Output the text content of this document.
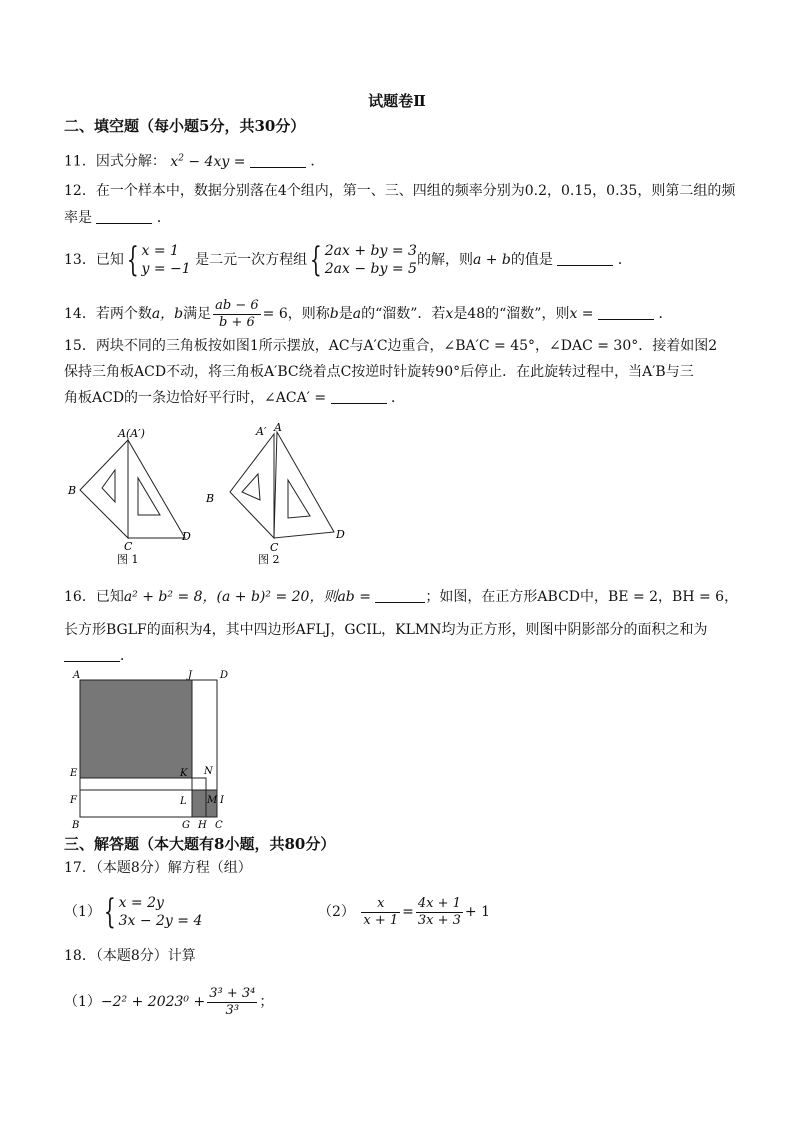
试题卷Ⅱ
二、填空题（每小题5分，共30分）
11．因式分解： $x^2 - 4xy$ =	．
12．在一个样本中，数据分别落在4个组内，第一、三、四组的频率分别为0.2，0.15，0.35，则第二组的频
率是	．
13．已知{ x = 1
y = −1
是二元一次方程组{ 2ax + by = 3
2ax − by = 5
的解，则a + b的值是	．
14．若两个数a，b满足 $\frac{ab - 6}{b + 6} = 6$，则称b是a的“溜数”．若x是48的“溜数”，则x =	．
15．两块不同的三角板按如图1所示摆放，AC与A′C边重合，∠BA′C = 45°，∠DAC = 30°．接着如图2
保持三角板ACD不动，将三角板A′BC绕着点C按逆时针旋转90°后停止．在此旋转过程中，当A′B与三
角板ACD的一条边恰好平行时，∠ACA′ =	．
A(A′)
B
C
D
图 1
A′ A
B
C
D
图 2
16．已知a² + b² = 8，(a + b)² = 20，则ab =	；如图，在正方形ABCD中，BE = 2，BH = 6，
长方形BGLF的面积为4，其中四边形AFLJ，GCIL，KLMN均为正方形，则图中阴影部分的面积之和为
．
A	J	D
E	K N
F	L M I
B	G H C
三、解答题（本大题有8小题，共80分）
17．（本题8分）解方程（组）
（1）{ x = 2y
3x − 2y = 4
$(2) \frac{x}{x + 1} = \frac{4x + 1}{3x + 3} + 1$
18．（本题8分）计算
$(1)-2^2 + 2023^0 + \frac{\text{3³ + 3⁴}}{\text{3³}}$ ；
